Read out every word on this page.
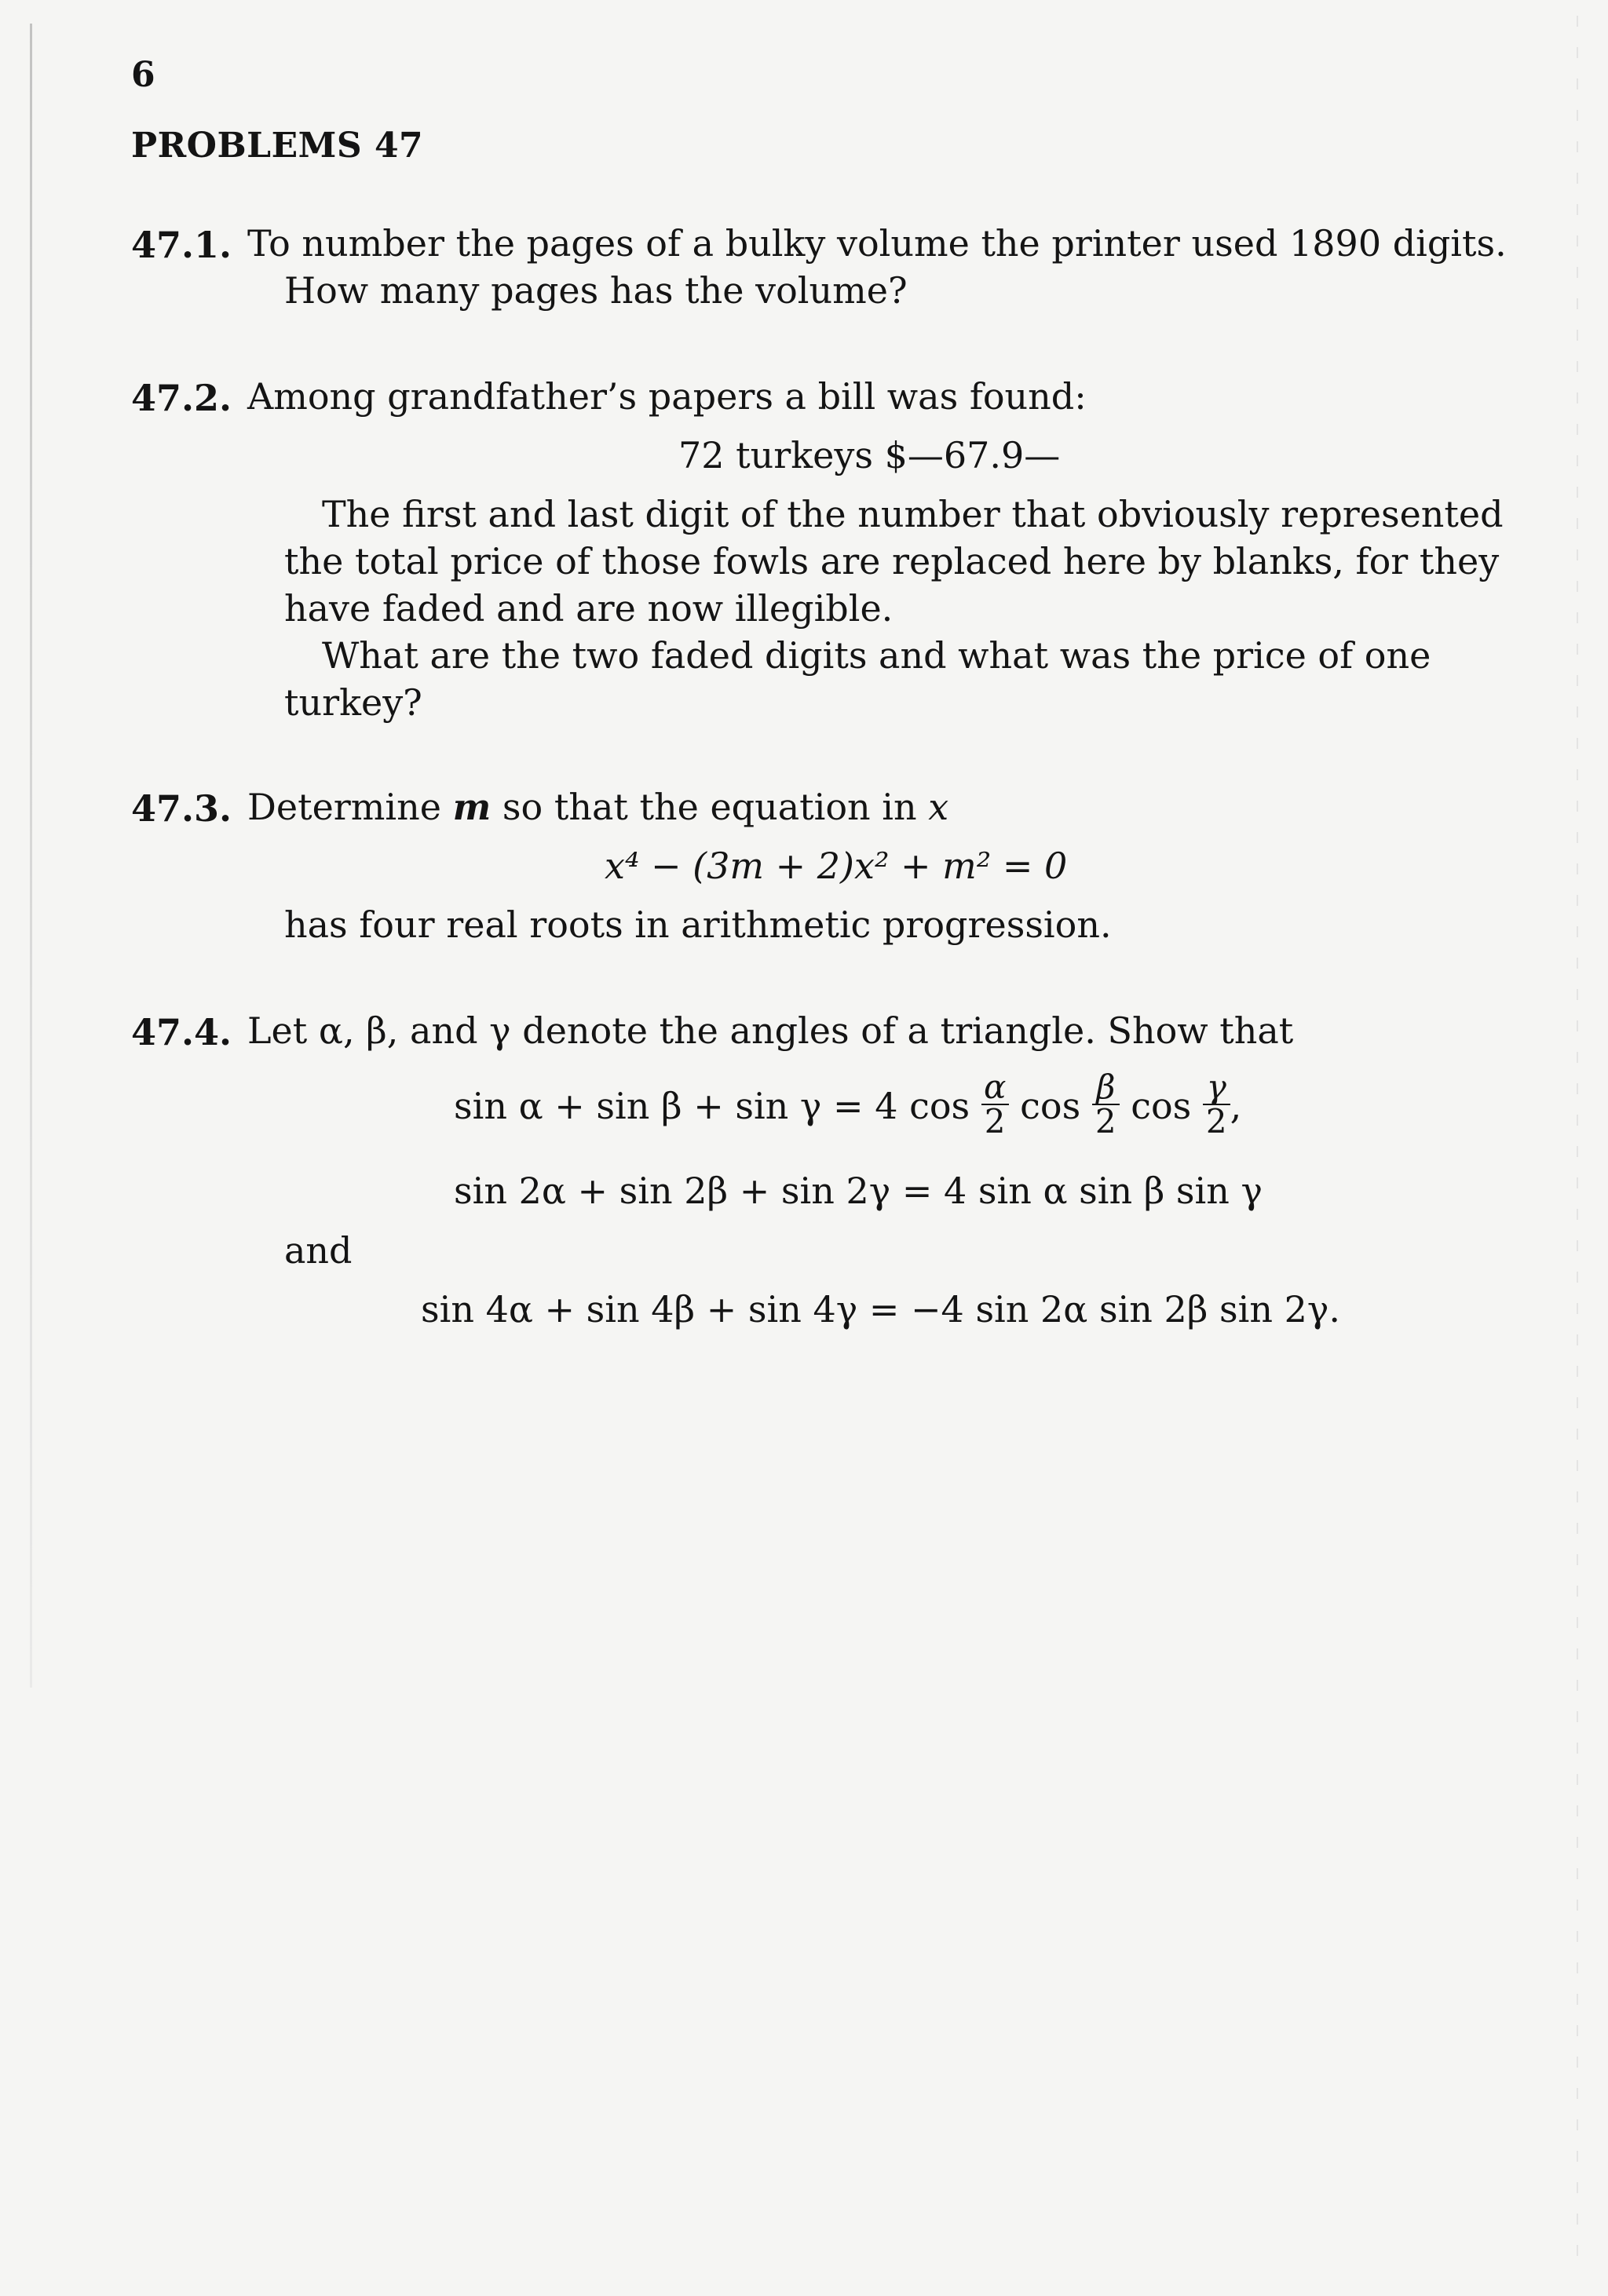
6
PROBLEMS 47
47.1. To number the pages of a bulky volume the printer used 1890 digits.
How many pages has the volume?
47.2. Among grandfather’s papers a bill was found:
72 turkeys $—67.9—
The first and last digit of the number that obviously represented
the total price of those fowls are replaced here by blanks, for they
have faded and are now illegible.
What are the two faded digits and what was the price of one
turkey?
47.3. Determine m so that the equation in x
x⁴ − (3m + 2)x² + m² = 0
has four real roots in arithmetic progression.
47.4. Let α, β, and γ denote the angles of a triangle. Show that
sin α + sin β + sin γ = 4 $\cos \frac{\alpha}{2}$ $\cos \frac{\beta}{2}$ $\cos \frac{\gamma}{2}$ ,
sin 2α + sin 2β + sin 2γ = 4 sin α sin β sin γ
and
sin 4α + sin 4β + sin 4γ = −4 sin 2α sin 2β sin 2γ.
